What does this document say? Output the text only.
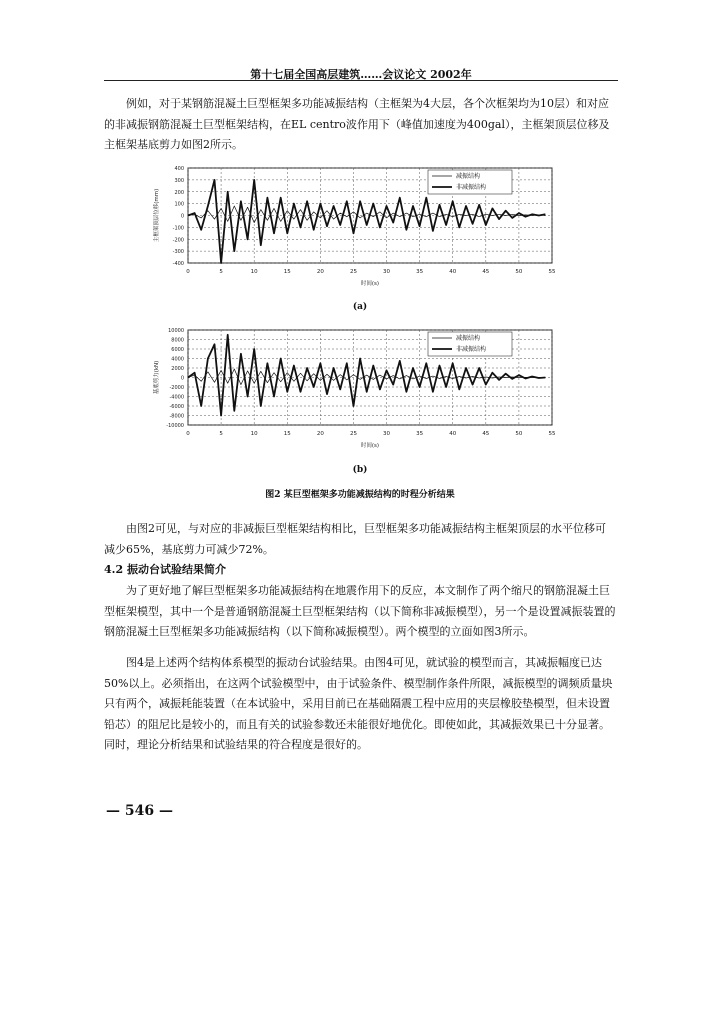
第十七届全国高层建筑……会议论文 2002年

例如，对于某钢筋混凝土巨型框架多功能减振结构（主框架为4大层，各个次框架均为10层）和对应的非减振钢筋混凝土巨型框架结构，在EL centro波作用下（峰值加速度为400gal），主框架顶层位移及主框架基底剪力如图2所示。

400
300
200
100
0
-100
-200
-300
-400
0	5	10	15	20	25	30	35	40	45	50	55
时间(s)
主框架顶层位移(mm)
减振结构
非减振结构
(a)
10000
8000
6000
4000
2000
0
-2000
-4000
-6000
-8000
-10000
0	5	10	15	20	25	30	35	40	45	50	55
时间(s)
基底剪力(kN)
减振结构
非减振结构
(b)
图2 某巨型框架多功能减振结构的时程分析结果

由图2可见，与对应的非减振巨型框架结构相比，巨型框架多功能减振结构主框架顶层的水平位移可减少65%，基底剪力可减少72%。

4.2 振动台试验结果简介

为了更好地了解巨型框架多功能减振结构在地震作用下的反应，本文制作了两个缩尺的钢筋混凝土巨型框架模型，其中一个是普通钢筋混凝土巨型框架结构（以下简称非减振模型），另一个是设置减振装置的钢筋混凝土巨型框架多功能减振结构（以下简称减振模型）。两个模型的立面如图3所示。

图4是上述两个结构体系模型的振动台试验结果。由图4可见，就试验的模型而言，其减振幅度已达50%以上。必须指出，在这两个试验模型中，由于试验条件、模型制作条件所限，减振模型的调频质量块只有两个，减振耗能装置（在本试验中，采用目前已在基础隔震工程中应用的夹层橡胶垫模型，但未设置铅芯）的阻尼比是较小的，而且有关的试验参数还未能很好地优化。即使如此，其减振效果已十分显著。同时，理论分析结果和试验结果的符合程度是很好的。

— 546 —
